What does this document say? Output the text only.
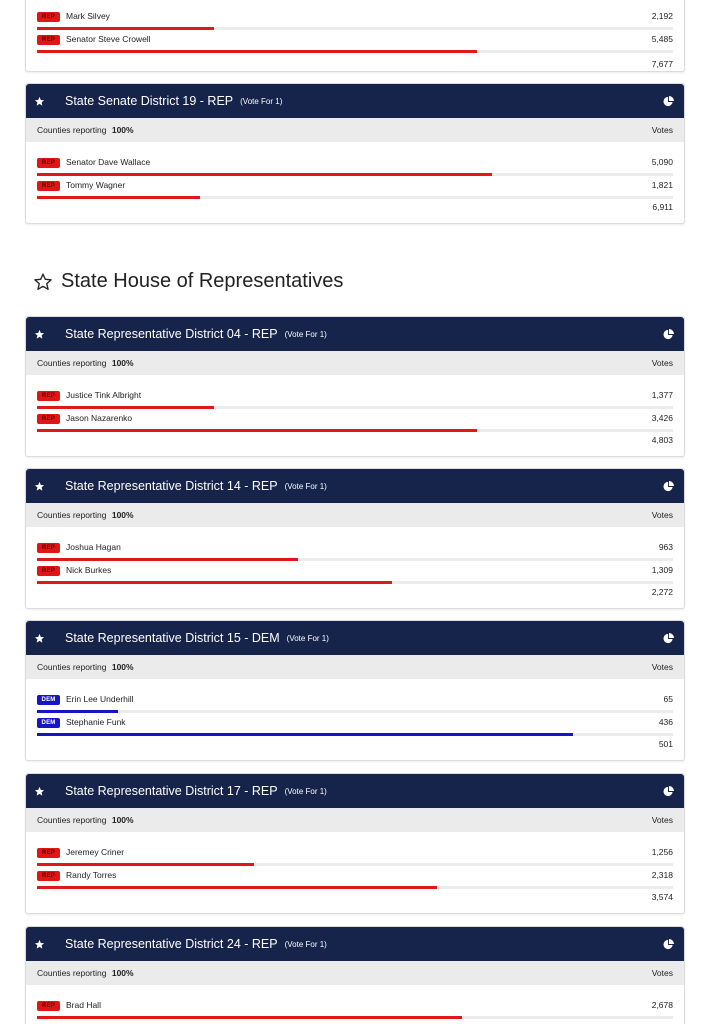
REP	Mark Silvey	2,192
REP	Senator Steve Crowell	5,485
7,677
State Senate District 19 - REP (Vote For 1)
Counties reporting 100%	Votes
REP	Senator Dave Wallace	5,090
REP	Tommy Wagner	1,821
6,911
State House of Representatives
State Representative District 04 - REP (Vote For 1)
Counties reporting 100%	Votes
REP	Justice Tink Albright	1,377
REP	Jason Nazarenko	3,426
4,803
State Representative District 14 - REP (Vote For 1)
Counties reporting 100%	Votes
REP	Joshua Hagan	963
REP	Nick Burkes	1,309
2,272
State Representative District 15 - DEM (Vote For 1)
Counties reporting 100%	Votes
DEM	Erin Lee Underhill	65
DEM	Stephanie Funk	436
501
State Representative District 17 - REP (Vote For 1)
Counties reporting 100%	Votes
REP	Jeremey Criner	1,256
REP	Randy Torres	2,318
3,574
State Representative District 24 - REP (Vote For 1)
Counties reporting 100%	Votes
REP	Brad Hall	2,678
